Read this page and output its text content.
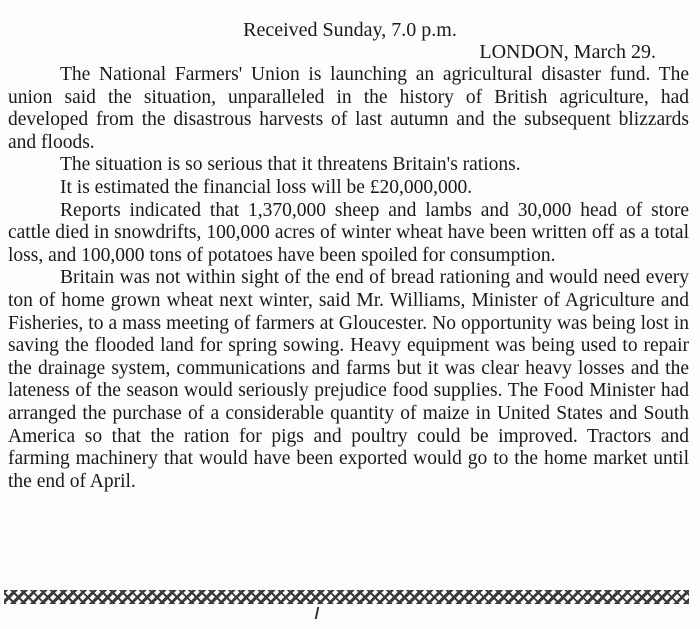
Received Sunday, 7.0 p.m.

LONDON, March 29.

The National Farmers' Union is launching an agricultural disaster fund. The union said the situation, unparalleled in the history of British agriculture, had developed from the disastrous harvests of last autumn and the subsequent blizzards and floods.

The situation is so serious that it threatens Britain's rations.

It is estimated the financial loss will be £20,000,000.

Reports indicated that 1,370,000 sheep and lambs and 30,000 head of store cattle died in snowdrifts, 100,000 acres of winter wheat have been written off as a total loss, and 100,000 tons of potatoes have been spoiled for consumption.

Britain was not within sight of the end of bread rationing and would need every ton of home grown wheat next winter, said Mr. Williams, Minister of Agriculture and Fisheries, to a mass meeting of farmers at Gloucester. No opportunity was being lost in saving the flooded land for spring sowing. Heavy equipment was being used to repair the drainage system, communications and farms but it was clear heavy losses and the lateness of the season would seriously prejudice food supplies. The Food Minister had arranged the purchase of a considerable quantity of maize in United States and South America so that the ration for pigs and poultry could be improved. Tractors and farming machinery that would have been exported would go to the home market until the end of April.
